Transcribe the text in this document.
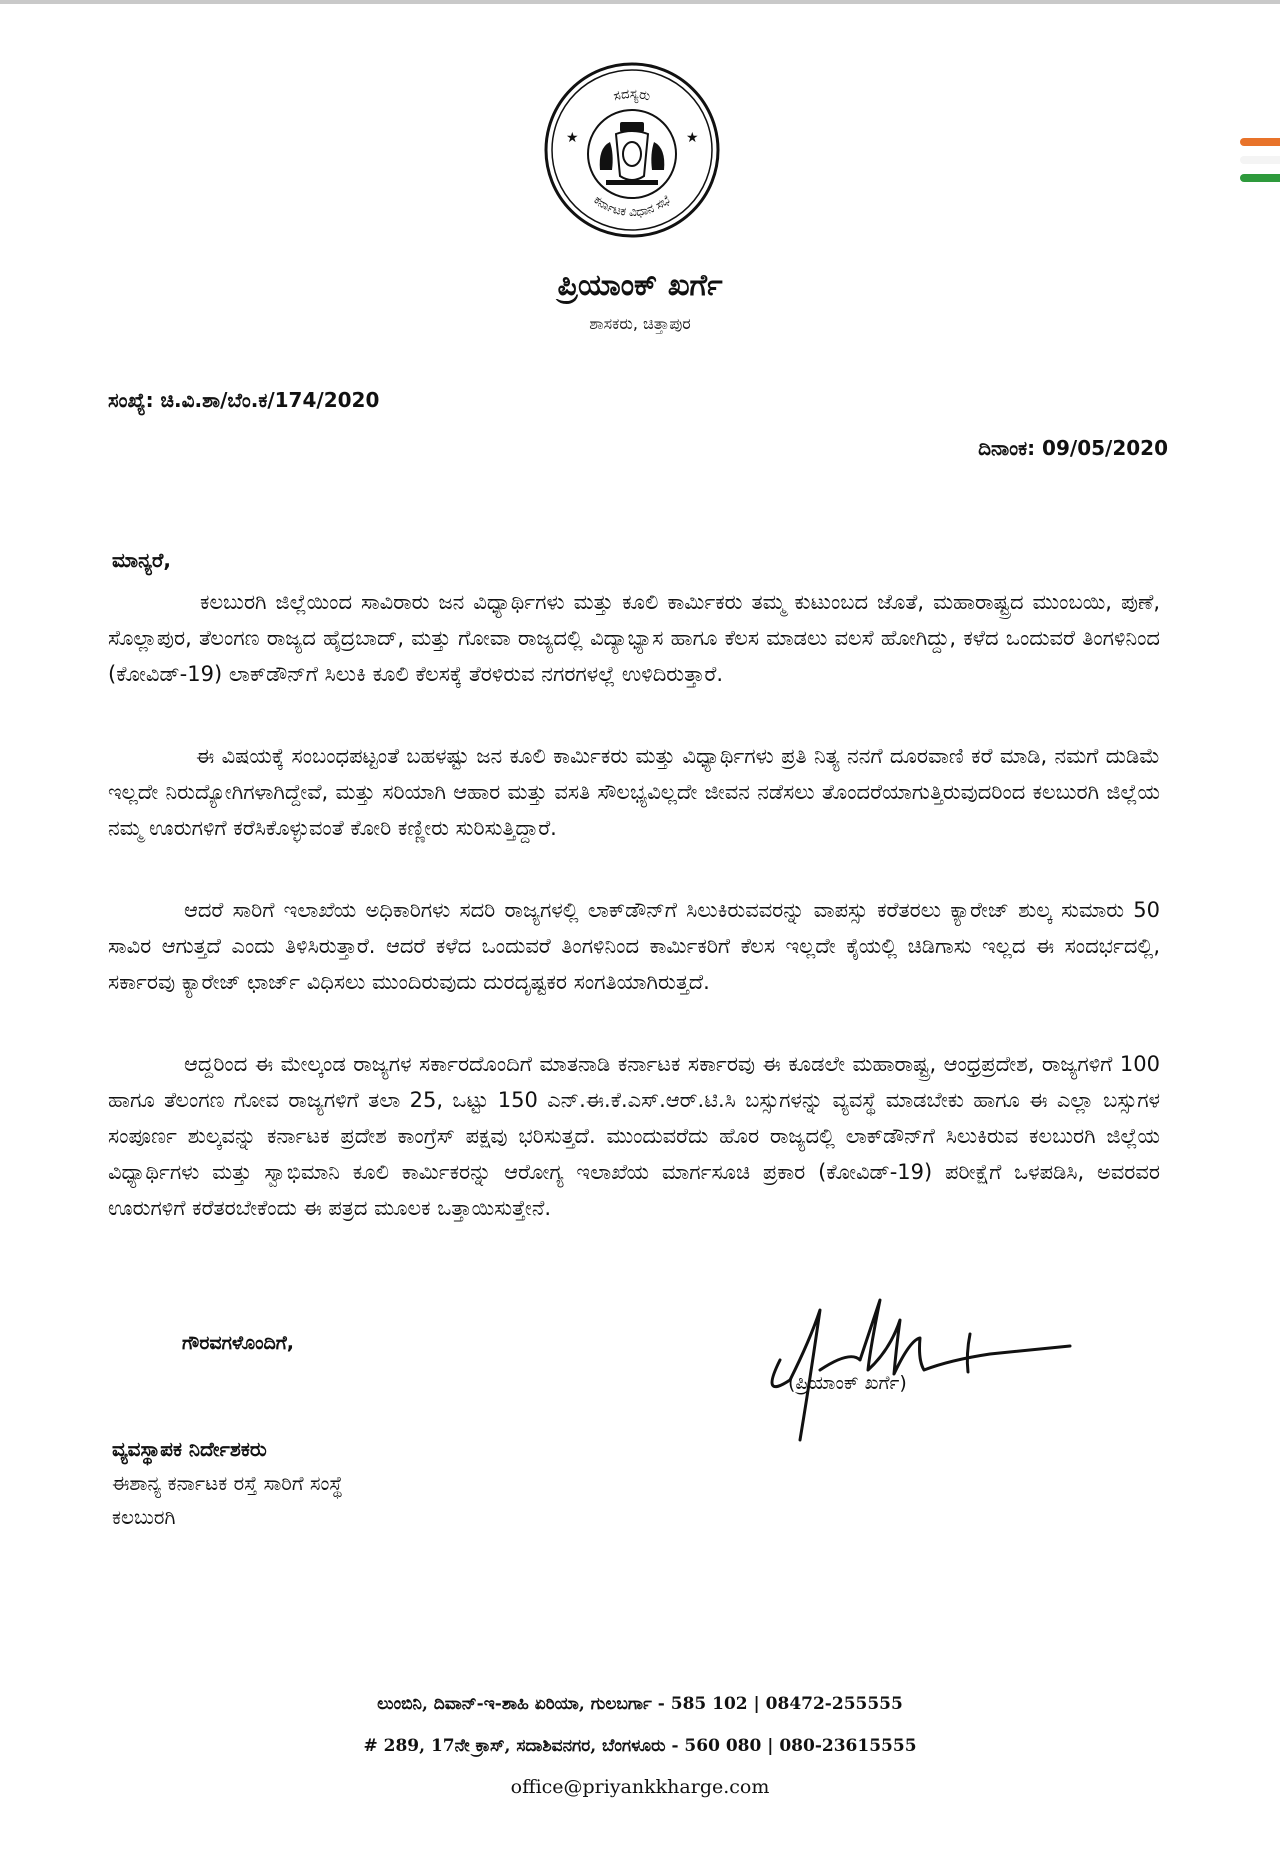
ಸದಸ್ಯರು
ಕರ್ನಾಟಕ ವಿಧಾನ ಸಭೆ
★	★
ಪ್ರಿಯಾಂಕ್ ಖರ್ಗೆ
ಶಾಸಕರು, ಚಿತ್ತಾಪುರ
ಸಂಖ್ಯೆ: ಚಿ.ವಿ.ಶಾ/ಬೆಂ.ಕ/174/2020
ದಿನಾಂಕ: 09/05/2020
ಮಾನ್ಯರೆ,
ಕಲಬುರಗಿ ಜಿಲ್ಲೆಯಿಂದ ಸಾವಿರಾರು ಜನ ವಿಧ್ಯಾರ್ಥಿಗಳು ಮತ್ತು ಕೂಲಿ ಕಾರ್ಮಿಕರು ತಮ್ಮ ಕುಟುಂಬದ ಜೊತೆ, ಮಹಾರಾಷ್ಟ್ರದ ಮುಂಬಯಿ, ಪುಣೆ, ಸೊಲ್ಲಾಪುರ, ತೆಲಂಗಣ ರಾಜ್ಯದ ಹೈದ್ರಬಾದ್, ಮತ್ತು ಗೋವಾ ರಾಜ್ಯದಲ್ಲಿ ವಿದ್ಯಾಭ್ಯಾಸ ಹಾಗೂ ಕೆಲಸ ಮಾಡಲು ವಲಸೆ ಹೋಗಿದ್ದು, ಕಳೆದ ಒಂದುವರೆ ತಿಂಗಳಿನಿಂದ (ಕೋವಿಡ್-19) ಲಾಕ್‌ಡೌನ್‌ಗೆ ಸಿಲುಕಿ ಕೂಲಿ ಕೆಲಸಕ್ಕೆ ತೆರಳಿರುವ ನಗರಗಳಲ್ಲೆ ಉಳಿದಿರುತ್ತಾರೆ.
ಈ ವಿಷಯಕ್ಕೆ ಸಂಬಂಧಪಟ್ಟಂತೆ ಬಹಳಷ್ಟು ಜನ ಕೂಲಿ ಕಾರ್ಮಿಕರು ಮತ್ತು ವಿಧ್ಯಾರ್ಥಿಗಳು ಪ್ರತಿ ನಿತ್ಯ ನನಗೆ ದೂರವಾಣಿ ಕರೆ ಮಾಡಿ, ನಮಗೆ ದುಡಿಮೆ ಇಲ್ಲದೇ ನಿರುದ್ಯೋಗಿಗಳಾಗಿದ್ದೇವೆ, ಮತ್ತು ಸರಿಯಾಗಿ ಆಹಾರ ಮತ್ತು ವಸತಿ ಸೌಲಭ್ಯವಿಲ್ಲದೇ ಜೀವನ ನಡೆಸಲು ತೊಂದರೆಯಾಗುತ್ತಿರುವುದರಿಂದ ಕಲಬುರಗಿ ಜಿಲ್ಲೆಯ ನಮ್ಮ ಊರುಗಳಿಗೆ ಕರೆಸಿಕೊಳ್ಳುವಂತೆ ಕೋರಿ ಕಣ್ಣೀರು ಸುರಿಸುತ್ತಿದ್ದಾರೆ.
ಆದರೆ ಸಾರಿಗೆ ಇಲಾಖೆಯ ಅಧಿಕಾರಿಗಳು ಸದರಿ ರಾಜ್ಯಗಳಲ್ಲಿ ಲಾಕ್‌ಡೌನ್‌ಗೆ ಸಿಲುಕಿರುವವರನ್ನು ವಾಪಸ್ಸು ಕರೆತರಲು ಕ್ಯಾರೇಜ್ ಶುಲ್ಕ ಸುಮಾರು 50 ಸಾವಿರ ಆಗುತ್ತದೆ ಎಂದು ತಿಳಿಸಿರುತ್ತಾರೆ. ಆದರೆ ಕಳೆದ ಒಂದುವರೆ ತಿಂಗಳಿನಿಂದ ಕಾರ್ಮಿಕರಿಗೆ ಕೆಲಸ ಇಲ್ಲದೇ ಕೈಯಲ್ಲಿ ಚಿಡಿಗಾಸು ಇಲ್ಲದ ಈ ಸಂದರ್ಭದಲ್ಲಿ, ಸರ್ಕಾರವು ಕ್ಯಾರೇಜ್ ಛಾರ್ಜ್ ವಿಧಿಸಲು ಮುಂದಿರುವುದು ದುರದೃಷ್ಟಕರ ಸಂಗತಿಯಾಗಿರುತ್ತದೆ.
ಆದ್ದರಿಂದ ಈ ಮೇಲ್ಕಂಡ ರಾಜ್ಯಗಳ ಸರ್ಕಾರದೊಂದಿಗೆ ಮಾತನಾಡಿ ಕರ್ನಾಟಕ ಸರ್ಕಾರವು ಈ ಕೂಡಲೇ ಮಹಾರಾಷ್ಟ್ರ, ಆಂಧ್ರಪ್ರದೇಶ, ರಾಜ್ಯಗಳಿಗೆ 100 ಹಾಗೂ ತೆಲಂಗಣ ಗೋವ ರಾಜ್ಯಗಳಿಗೆ ತಲಾ 25, ಒಟ್ಟು 150 ಎನ್.ಈ.ಕೆ.ಎಸ್.ಆರ್.ಟಿ.ಸಿ ಬಸ್ಸುಗಳನ್ನು ವ್ಯವಸ್ಥೆ ಮಾಡಬೇಕು ಹಾಗೂ ಈ ಎಲ್ಲಾ ಬಸ್ಸುಗಳ ಸಂಪೂರ್ಣ ಶುಲ್ಕವನ್ನು ಕರ್ನಾಟಕ ಪ್ರದೇಶ ಕಾಂಗ್ರೆಸ್ ಪಕ್ಷವು ಭರಿಸುತ್ತದೆ. ಮುಂದುವರೆದು ಹೊರ ರಾಜ್ಯದಲ್ಲಿ ಲಾಕ್‌ಡೌನ್‌ಗೆ ಸಿಲುಕಿರುವ ಕಲಬುರಗಿ ಜಿಲ್ಲೆಯ ವಿಧ್ಯಾರ್ಥಿಗಳು ಮತ್ತು ಸ್ವಾಭಿಮಾನಿ ಕೂಲಿ ಕಾರ್ಮಿಕರನ್ನು ಆರೋಗ್ಯ ಇಲಾಖೆಯ ಮಾರ್ಗಸೂಚಿ ಪ್ರಕಾರ (ಕೋವಿಡ್-19) ಪರೀಕ್ಷೆಗೆ ಒಳಪಡಿಸಿ, ಅವರವರ ಊರುಗಳಿಗೆ ಕರೆತರಬೇಕೆಂದು ಈ ಪತ್ರದ ಮೂಲಕ ಒತ್ತಾಯಿಸುತ್ತೇನೆ.
ಗೌರವಗಳೊಂದಿಗೆ,
(ಪ್ರಿಯಾಂಕ್ ಖರ್ಗೆ)
ವ್ಯವಸ್ಥಾಪಕ ನಿರ್ದೇಶಕರು
ಈಶಾನ್ಯ ಕರ್ನಾಟಕ ರಸ್ತೆ ಸಾರಿಗೆ ಸಂಸ್ಥೆ
ಕಲಬುರಗಿ
ಲುಂಬಿನಿ, ದಿವಾನ್-ಇ-ಶಾಹಿ ಏರಿಯಾ, ಗುಲಬರ್ಗಾ - 585 102 | 08472-255555
# 289, 17ನೇ ಕ್ರಾಸ್, ಸದಾಶಿವನಗರ, ಬೆಂಗಳೂರು - 560 080 | 080-23615555
office@priyankkharge.com
